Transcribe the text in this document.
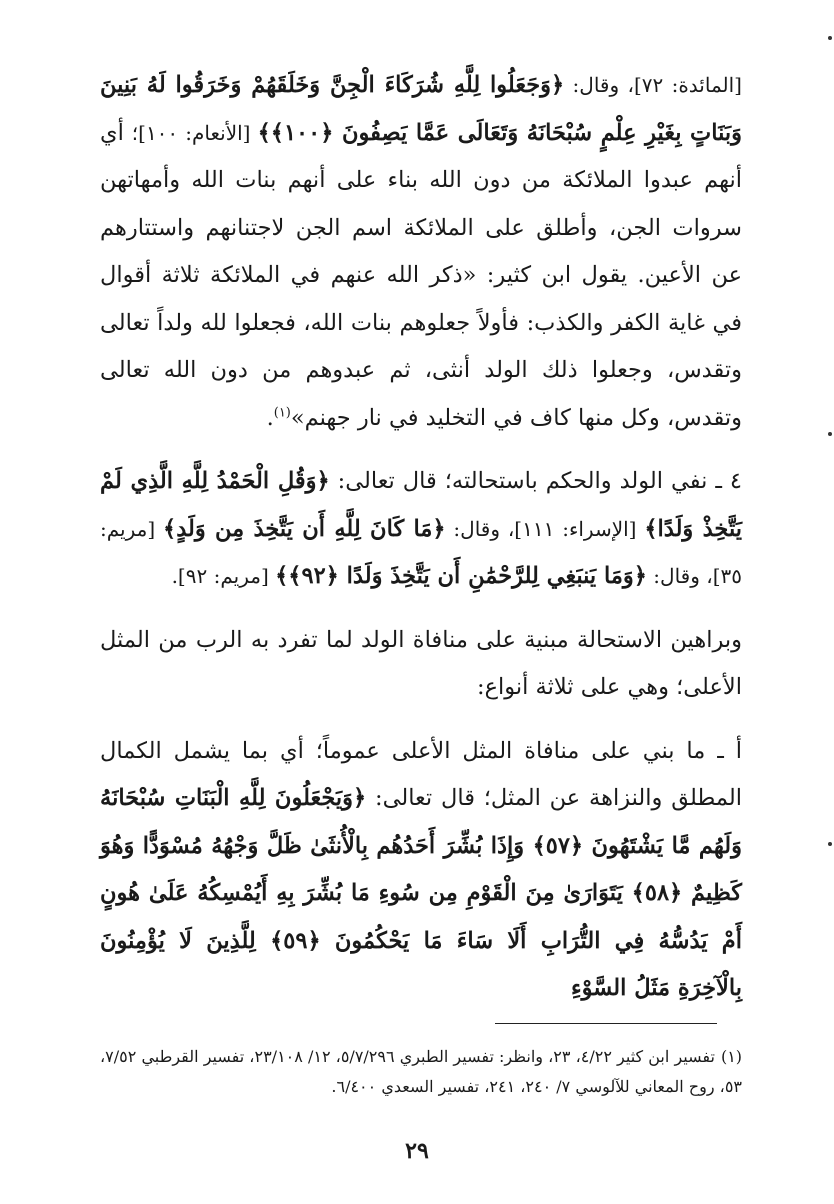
[المائدة: ٧٢]، وقال: ﴿وَجَعَلُوا لِلَّهِ شُرَكَاءَ الْجِنَّ وَخَلَقَهُمْ وَخَرَقُوا لَهُ بَنِينَ وَبَنَاتٍ بِغَيْرِ عِلْمٍ سُبْحَانَهُ وَتَعَالَى عَمَّا يَصِفُونَ ﴿١٠٠﴾﴾ [الأنعام: ١٠٠]؛ أي أنهم عبدوا الملائكة من دون الله بناء على أنهم بنات الله وأمهاتهن سروات الجن، وأطلق على الملائكة اسم الجن لاجتنانهم واستتارهم عن الأعين. يقول ابن كثير: «ذكر الله عنهم في الملائكة ثلاثة أقوال في غاية الكفر والكذب: فأولاً جعلوهم بنات الله، فجعلوا لله ولداً تعالى وتقدس، وجعلوا ذلك الولد أنثى، ثم عبدوهم من دون الله تعالى وتقدس، وكل منها كاف في التخليد في نار جهنم»$^{(١)}$.

٤ ـ نفي الولد والحكم باستحالته؛ قال تعالى: ﴿وَقُلِ الْحَمْدُ لِلَّهِ الَّذِي لَمْ يَتَّخِذْ وَلَدًا﴾ [الإسراء: ١١١]، وقال: ﴿مَا كَانَ لِلَّهِ أَن يَتَّخِذَ مِن وَلَدٍ﴾ [مريم: ٣٥]، وقال: ﴿وَمَا يَنبَغِي لِلرَّحْمَٰنِ أَن يَتَّخِذَ وَلَدًا ﴿٩٢﴾﴾ [مريم: ٩٢].

وبراهين الاستحالة مبنية على منافاة الولد لما تفرد به الرب من المثل الأعلى؛ وهي على ثلاثة أنواع:

أ ـ ما بني على منافاة المثل الأعلى عموماً؛ أي بما يشمل الكمال المطلق والنزاهة عن المثل؛ قال تعالى: ﴿وَيَجْعَلُونَ لِلَّهِ الْبَنَاتِ سُبْحَانَهُ وَلَهُم مَّا يَشْتَهُونَ ﴿٥٧﴾ وَإِذَا بُشِّرَ أَحَدُهُم بِالْأُنثَىٰ ظَلَّ وَجْهُهُ مُسْوَدًّا وَهُوَ كَظِيمٌ ﴿٥٨﴾ يَتَوَارَىٰ مِنَ الْقَوْمِ مِن سُوءِ مَا بُشِّرَ بِهِ أَيُمْسِكُهُ عَلَىٰ هُونٍ أَمْ يَدُسُّهُ فِي التُّرَابِ أَلَا سَاءَ مَا يَحْكُمُونَ ﴿٥٩﴾ لِلَّذِينَ لَا يُؤْمِنُونَ بِالْآخِرَةِ مَثَلُ السَّوْءِ

(١)تفسير ابن كثير ٤/٢٢، ٢٣، وانظر: تفسير الطبري ٥/٧/٢٩٦، ١٢/ ٢٣/١٠٨، تفسير القرطبي ٧/٥٢، ٥٣، روح المعاني للآلوسي ٧/ ٢٤٠، ٢٤١، تفسير السعدي ٦/٤٠٠.
٢٩
